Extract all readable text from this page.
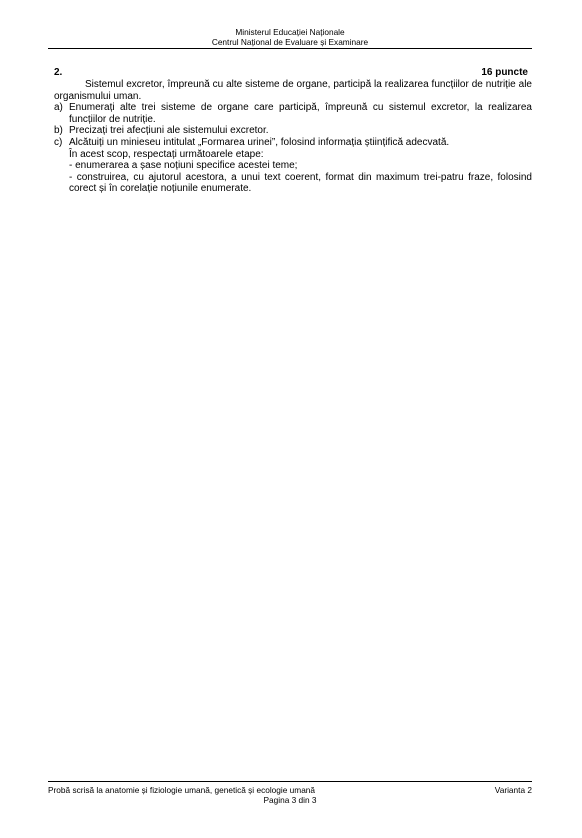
Ministerul Educației Naționale
Centrul Național de Evaluare și Examinare
2.	16 puncte

Sistemul excretor, împreună cu alte sisteme de organe, participă la realizarea funcțiilor de nutriție ale organismului uman.

a) Enumerați alte trei sisteme de organe care participă, împreună cu sistemul excretor, la realizarea funcțiilor de nutriție.
b) Precizați trei afecțiuni ale sistemului excretor.
c) Alcătuiți un minieseu intitulat „Formarea urinei”, folosind informația științifică adecvată.

În acest scop, respectați următoarele etape:

- enumerarea a șase noțiuni specifice acestei teme;

- construirea, cu ajutorul acestora, a unui text coerent, format din maximum trei-patru fraze, folosind corect și în corelație noțiunile enumerate.

Probă scrisă la anatomie și fiziologie umană, genetică și ecologie umană	Varianta 2
Pagina 3 din 3
